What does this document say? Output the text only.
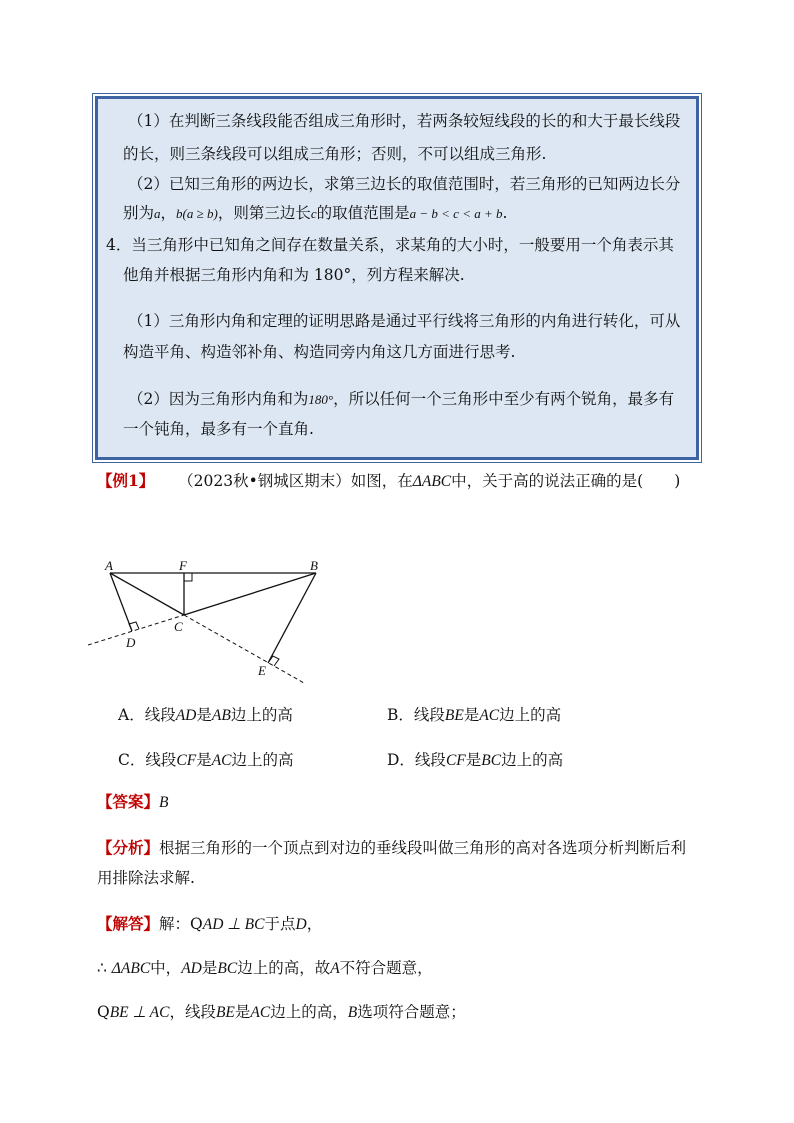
（1）在判断三条线段能否组成三角形时，若两条较短线段的长的和大于最长线段
的长，则三条线段可以组成三角形；否则，不可以组成三角形.
（2）已知三角形的两边长，求第三边长的取值范围时，若三角形的已知两边长分
别为a，b(a ≥ b)，则第三边长c的取值范围是a − b < c < a + b.
4．当三角形中已知角之间存在数量关系，求某角的大小时，一般要用一个角表示其
他角并根据三角形内角和为 180°，列方程来解决.
（1）三角形内角和定理的证明思路是通过平行线将三角形的内角进行转化，可从
构造平角、构造邻补角、构造同旁内角这几方面进行思考.
（2）因为三角形内角和为180°，所以任何一个三角形中至少有两个锐角，最多有
一个钝角，最多有一个直角.
【例1】 （2023秋•钢城区期末）如图，在ΔABC中，关于高的说法正确的是(　　)
A	F	B
C
D
E
A．线段AD是AB边上的高	B．线段BE是AC边上的高
C．线段CF是AC边上的高	D．线段CF是BC边上的高
【答案】B
【分析】根据三角形的一个顶点到对边的垂线段叫做三角形的高对各选项分析判断后利
用排除法求解.
【解答】解：QAD ⊥ BC于点D，
∴ ΔABC中，AD是BC边上的高，故A不符合题意，
QBE ⊥ AC，线段BE是AC边上的高，B选项符合题意；
